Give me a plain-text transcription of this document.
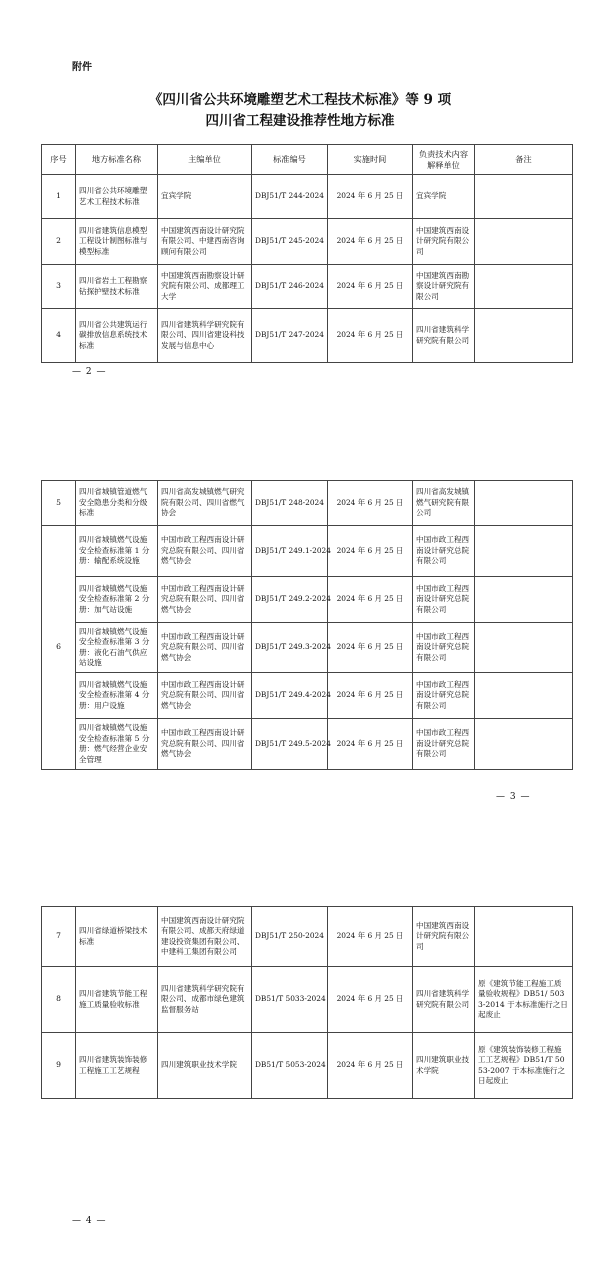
附件
《四川省公共环境雕塑艺术工程技术标准》等 9 项
四川省工程建设推荐性地方标准
序号	地方标准名称	主编单位	标准编号	实施时间	负责技术内容解释单位	备注
1	四川省公共环境雕塑艺术工程技术标准	宜宾学院	DBJ51/T 244-2024	2024 年 6 月 25 日	宜宾学院	
2	四川省建筑信息模型工程设计制图标准与模型标准	中国建筑西南设计研究院有限公司、中建西南咨询顾问有限公司	DBJ51/T 245-2024	2024 年 6 月 25 日	中国建筑西南设计研究院有限公司	
3	四川省岩土工程勘察钻探护壁技术标准	中国建筑西南勘察设计研究院有限公司、成都理工大学	DBJ51/T 246-2024	2024 年 6 月 25 日	中国建筑西南勘察设计研究院有限公司	
4	四川省公共建筑运行碳排放信息系统技术标准	四川省建筑科学研究院有限公司、四川省建设科技发展与信息中心	DBJ51/T 247-2024	2024 年 6 月 25 日	四川省建筑科学研究院有限公司	
— 2 —
5	四川省城镇管道燃气安全隐患分类和分级标准	四川省高发城镇燃气研究院有限公司、四川省燃气协会	DBJ51/T 248-2024	2024 年 6 月 25 日	四川省高发城镇燃气研究院有限公司	
6	四川省城镇燃气设施安全检查标准第 1 分册：输配系统设施	中国市政工程西南设计研究总院有限公司、四川省燃气协会	DBJ51/T 249.1-2024	2024 年 6 月 25 日	中国市政工程西南设计研究总院有限公司	
	四川省城镇燃气设施安全检查标准第 2 分册：加气站设施	中国市政工程西南设计研究总院有限公司、四川省燃气协会	DBJ51/T 249.2-2024	2024 年 6 月 25 日	中国市政工程西南设计研究总院有限公司	
	四川省城镇燃气设施安全检查标准第 3 分册：液化石油气供应站设施	中国市政工程西南设计研究总院有限公司、四川省燃气协会	DBJ51/T 249.3-2024	2024 年 6 月 25 日	中国市政工程西南设计研究总院有限公司	
	四川省城镇燃气设施安全检查标准第 4 分册：用户设施	中国市政工程西南设计研究总院有限公司、四川省燃气协会	DBJ51/T 249.4-2024	2024 年 6 月 25 日	中国市政工程西南设计研究总院有限公司	
	四川省城镇燃气设施安全检查标准第 5 分册：燃气经营企业安全管理	中国市政工程西南设计研究总院有限公司、四川省燃气协会	DBJ51/T 249.5-2024	2024 年 6 月 25 日	中国市政工程西南设计研究总院有限公司	
— 3 —
7	四川省绿道桥梁技术标准	中国建筑西南设计研究院有限公司、成都天府绿道建设投资集团有限公司、中建科工集团有限公司	DBJ51/T 250-2024	2024 年 6 月 25 日	中国建筑西南设计研究院有限公司	
8	四川省建筑节能工程施工质量验收标准	四川省建筑科学研究院有限公司、成都市绿色建筑监督服务站	DB51/T 5033-2024	2024 年 6 月 25 日	四川省建筑科学研究院有限公司	原《建筑节能工程施工质量验收规程》DB51/ 5033-2014 于本标准施行之日起废止
9	四川省建筑装饰装修工程施工工艺规程	四川建筑职业技术学院	DB51/T 5053-2024	2024 年 6 月 25 日	四川建筑职业技术学院	原《建筑装饰装修工程施工工艺规程》DB51/T 5053-2007 于本标准施行之日起废止
— 4 —
